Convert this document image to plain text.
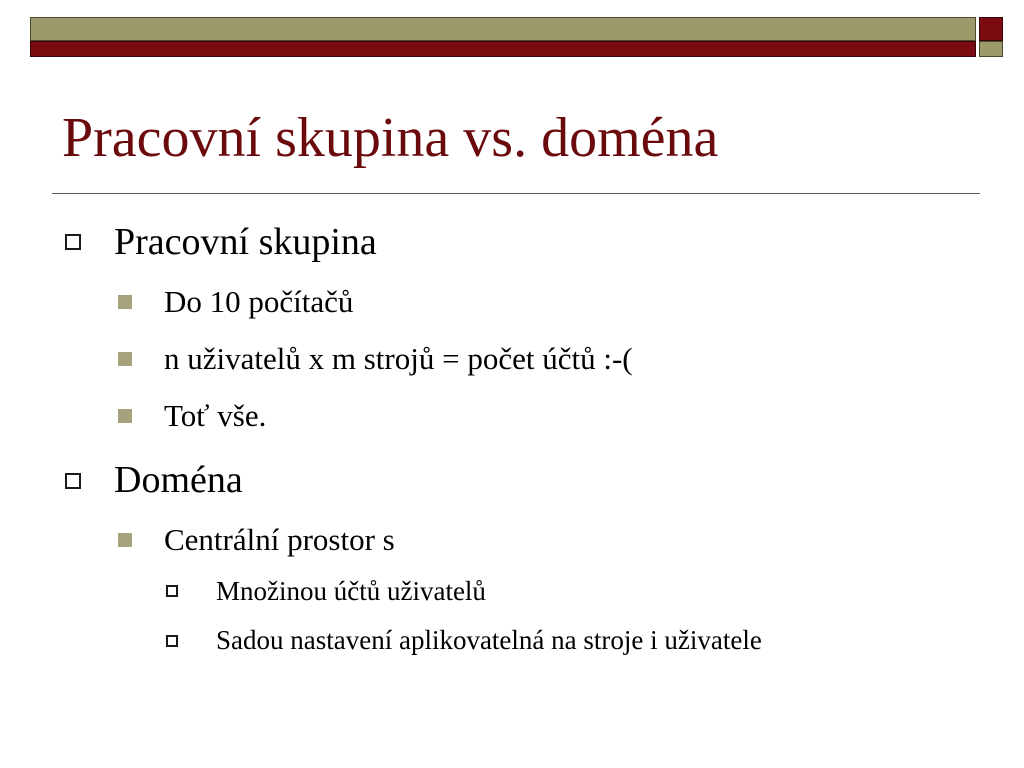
Pracovní skupina vs. doména
Pracovní skupina
Do 10 počítačů
n uživatelů x m strojů = počet účtů :-(
Toť vše.
Doména
Centrální prostor s
Množinou účtů uživatelů
Sadou nastavení aplikovatelná na stroje i uživatele
